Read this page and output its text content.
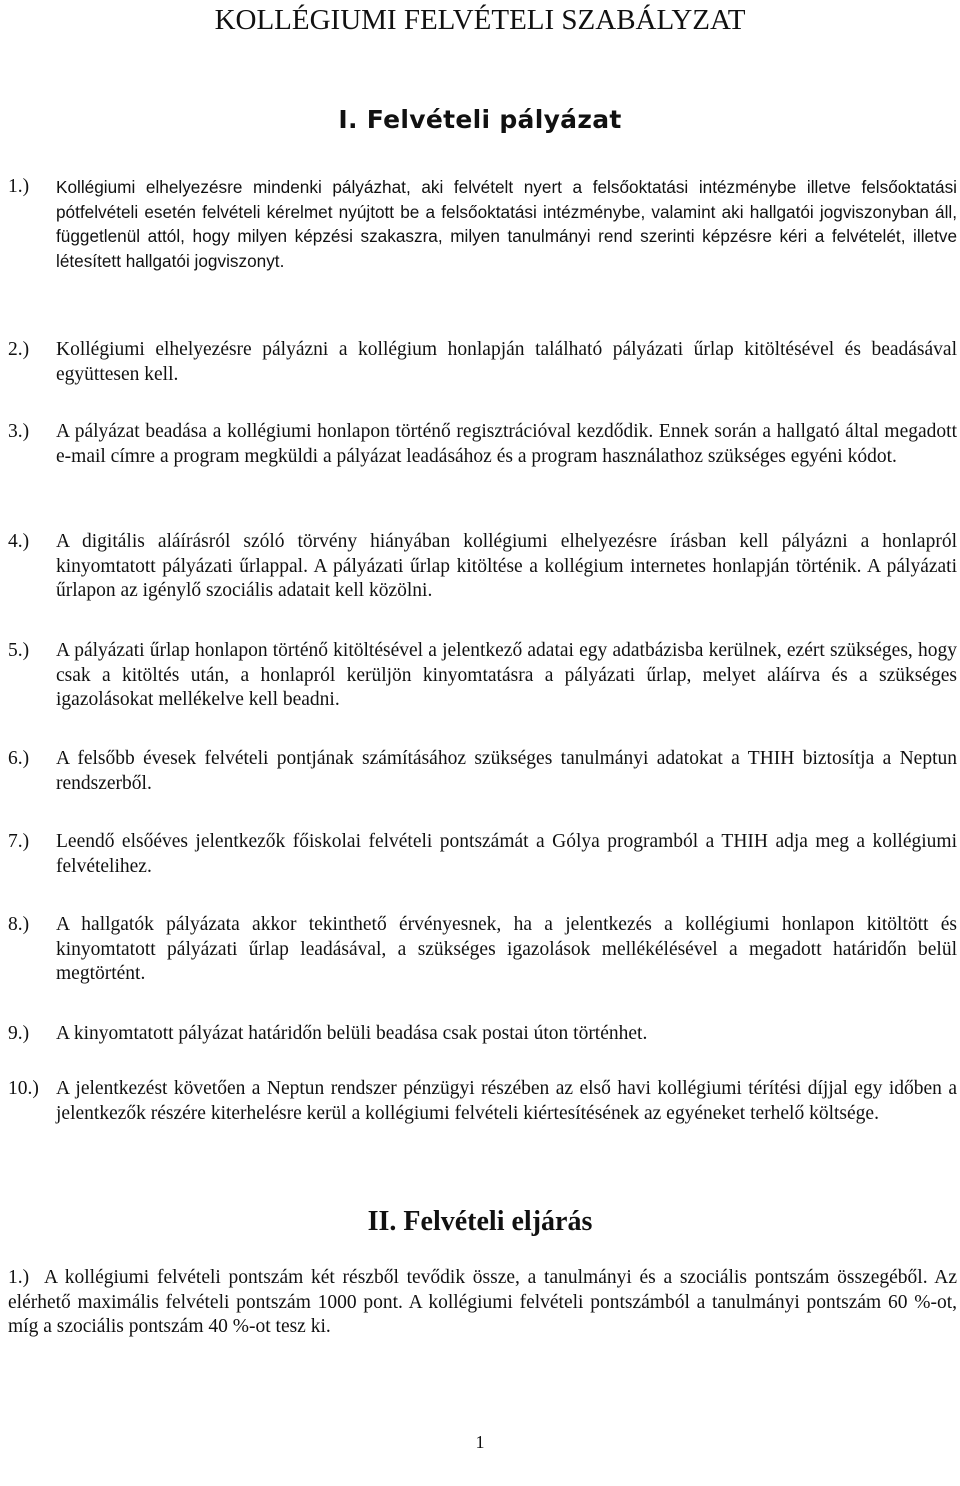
KOLLÉGIUMI FELVÉTELI SZABÁLYZAT
I. Felvételi pályázat
1.) Kollégiumi elhelyezésre mindenki pályázhat, aki felvételt nyert a felsőoktatási intézménybe illetve felsőoktatási pótfelvételi esetén felvételi kérelmet nyújtott be a felsőoktatási intézménybe, valamint aki hallgatói jogviszonyban áll, függetlenül attól, hogy milyen képzési szakaszra, milyen tanulmányi rend szerinti képzésre kéri a felvételét, illetve létesített hallgatói jogviszonyt.
2.) Kollégiumi elhelyezésre pályázni a kollégium honlapján található pályázati űrlap kitöltésével és beadásával együttesen kell.
3.) A pályázat beadása a kollégiumi honlapon történő regisztrációval kezdődik. Ennek során a hallgató által megadott e-mail címre a program megküldi a pályázat leadásához és a program használathoz szükséges egyéni kódot.
4.) A digitális aláírásról szóló törvény hiányában kollégiumi elhelyezésre írásban kell pályázni a honlapról kinyomtatott pályázati űrlappal. A pályázati űrlap kitöltése a kollégium internetes honlapján történik. A pályázati űrlapon az igénylő szociális adatait kell közölni.
5.) A pályázati űrlap honlapon történő kitöltésével a jelentkező adatai egy adatbázisba kerülnek, ezért szükséges, hogy csak a kitöltés után, a honlapról kerüljön kinyomtatásra a pályázati űrlap, melyet aláírva és a szükséges igazolásokat mellékelve kell beadni.
6.) A felsőbb évesek felvételi pontjának számításához szükséges tanulmányi adatokat a THIH biztosítja a Neptun rendszerből.
7.) Leendő elsőéves jelentkezők főiskolai felvételi pontszámát a Gólya programból a THIH adja meg a kollégiumi felvételihez.
8.) A hallgatók pályázata akkor tekinthető érvényesnek, ha a jelentkezés a kollégiumi honlapon kitöltött és kinyomtatott pályázati űrlap leadásával, a szükséges igazolások mellékélésével a megadott határidőn belül megtörtént.
9.) A kinyomtatott pályázat határidőn belüli beadása csak postai úton történhet.
10.) A jelentkezést követően a Neptun rendszer pénzügyi részében az első havi kollégiumi térítési díjjal egy időben a jelentkezők részére kiterhelésre kerül a kollégiumi felvételi kiértesítésének az egyéneket terhelő költsége.
II. Felvételi eljárás
1.) A kollégiumi felvételi pontszám két részből tevődik össze, a tanulmányi és a szociális pontszám összegéből. Az elérhető maximális felvételi pontszám 1000 pont. A kollégiumi felvételi pontszámból a tanulmányi pontszám 60 %-ot, míg a szociális pontszám 40 %-ot tesz ki.
1
